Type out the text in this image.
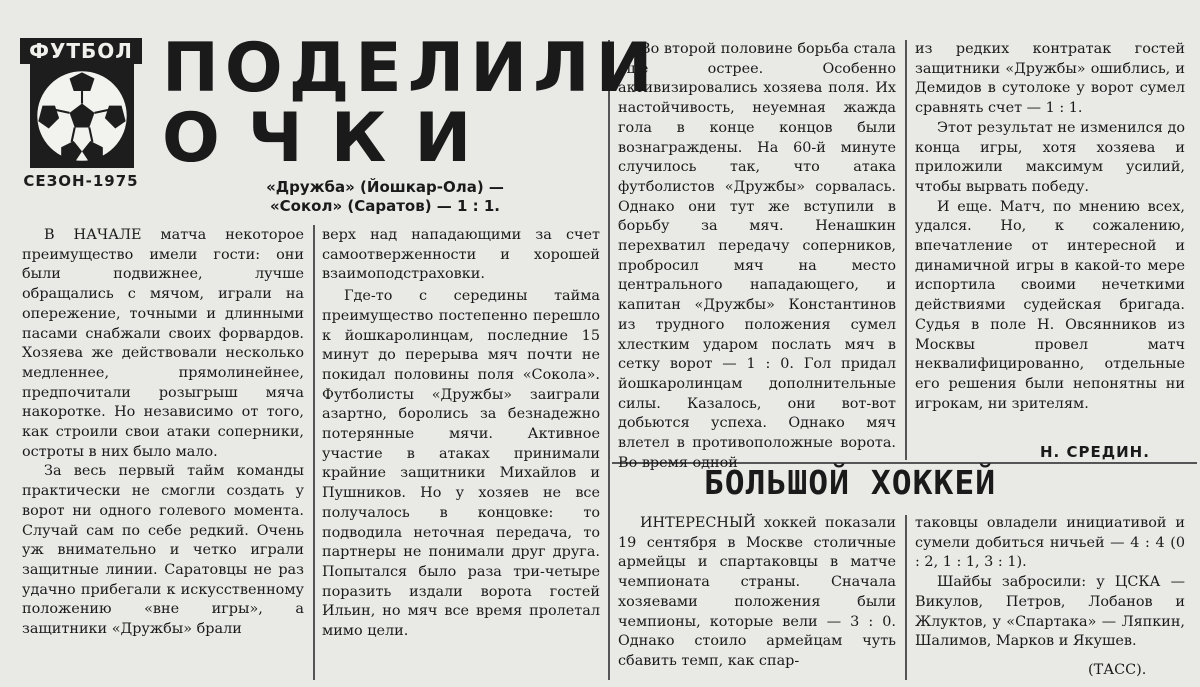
ФУТБОЛ
СЕЗОН-1975
ПОДЕЛИЛИ
ОЧКИ
«Дружба» (Йошкар-Ола) —
«Сокол» (Саратов) — 1 : 1.

В НАЧАЛЕ матча некоторое преимущество имели гости: они были подвижнее, лучше обращались с мячом, играли на опережение, точными и длинными пасами снабжали своих форвардов. Хозяева же действовали несколько медленнее, прямолинейнее, предпочитали розыгрыш мяча накоротке. Но независимо от того, как строили свои атаки соперники, остроты в них было мало.

За весь первый тайм команды практически не смогли создать у ворот ни одного голевого момента. Случай сам по себе редкий. Очень уж внимательно и четко играли защитные линии. Саратовцы не раз удачно прибегали к искусственному положению «вне игры», а защитники «Дружбы» брали

верх над нападающими за счет самоотверженности и хорошей взаимоподстраховки.

Где-то с середины тайма преимущество постепенно перешло к йошкаролинцам, последние 15 минут до перерыва мяч почти не покидал половины поля «Сокола». Футболисты «Дружбы» заиграли азартно, боролись за безнадежно потерянные мячи. Активное участие в атаках принимали крайние защитники Михайлов и Пушников. Но у хозяев не все получалось в концовке: то подводила неточная передача, то партнеры не понимали друг друга. Попытался было раза три-четыре поразить издали ворота гостей Ильин, но мяч все время пролетал мимо цели.

Во второй половине борьба стала еще острее. Особенно активизировались хозяева поля. Их настойчивость, неуемная жажда гола в конце концов были вознаграждены. На 60-й минуте случилось так, что атака футболистов «Дружбы» сорвалась. Однако они тут же вступили в борьбу за мяч. Ненашкин перехватил передачу соперников, пробросил мяч на место центрального нападающего, и капитан «Дружбы» Константинов из трудного положения сумел хлестким ударом послать мяч в сетку ворот — 1 : 0. Гол придал йошкаролинцам дополнительные силы. Казалось, они вот-вот добьются успеха. Однако мяч влетел в противоположные ворота. Во время одной

из редких контратак гостей защитники «Дружбы» ошиблись, и Демидов в сутолоке у ворот сумел сравнять счет — 1 : 1.

Этот результат не изменился до конца игры, хотя хозяева и приложили максимум усилий, чтобы вырвать победу.

И еще. Матч, по мнению всех, удался. Но, к сожалению, впечатление от интересной и динамичной игры в какой-то мере испортила своими нечеткими действиями судейская бригада. Судья в поле Н. Овсянников из Москвы провел матч неквалифицированно, отдельные его решения были непонятны ни игрокам, ни зрителям.

Н. СРЕДИН.
БОЛЬШОЙ ХОККЕЙ

ИНТЕРЕСНЫЙ хоккей показали 19 сентября в Москве столичные армейцы и спартаковцы в матче чемпионата страны. Сначала хозяевами положения были чемпионы, которые вели — 3 : 0. Однако стоило армейцам чуть сбавить темп, как спар-

таковцы овладели инициативой и сумели добиться ничьей — 4 : 4 (0 : 2, 1 : 1, 3 : 1).

Шайбы забросили: у ЦСКА — Викулов, Петров, Лобанов и Жлуктов, у «Спартака» — Ляпкин, Шалимов, Марков и Якушев.

(ТАСС).
